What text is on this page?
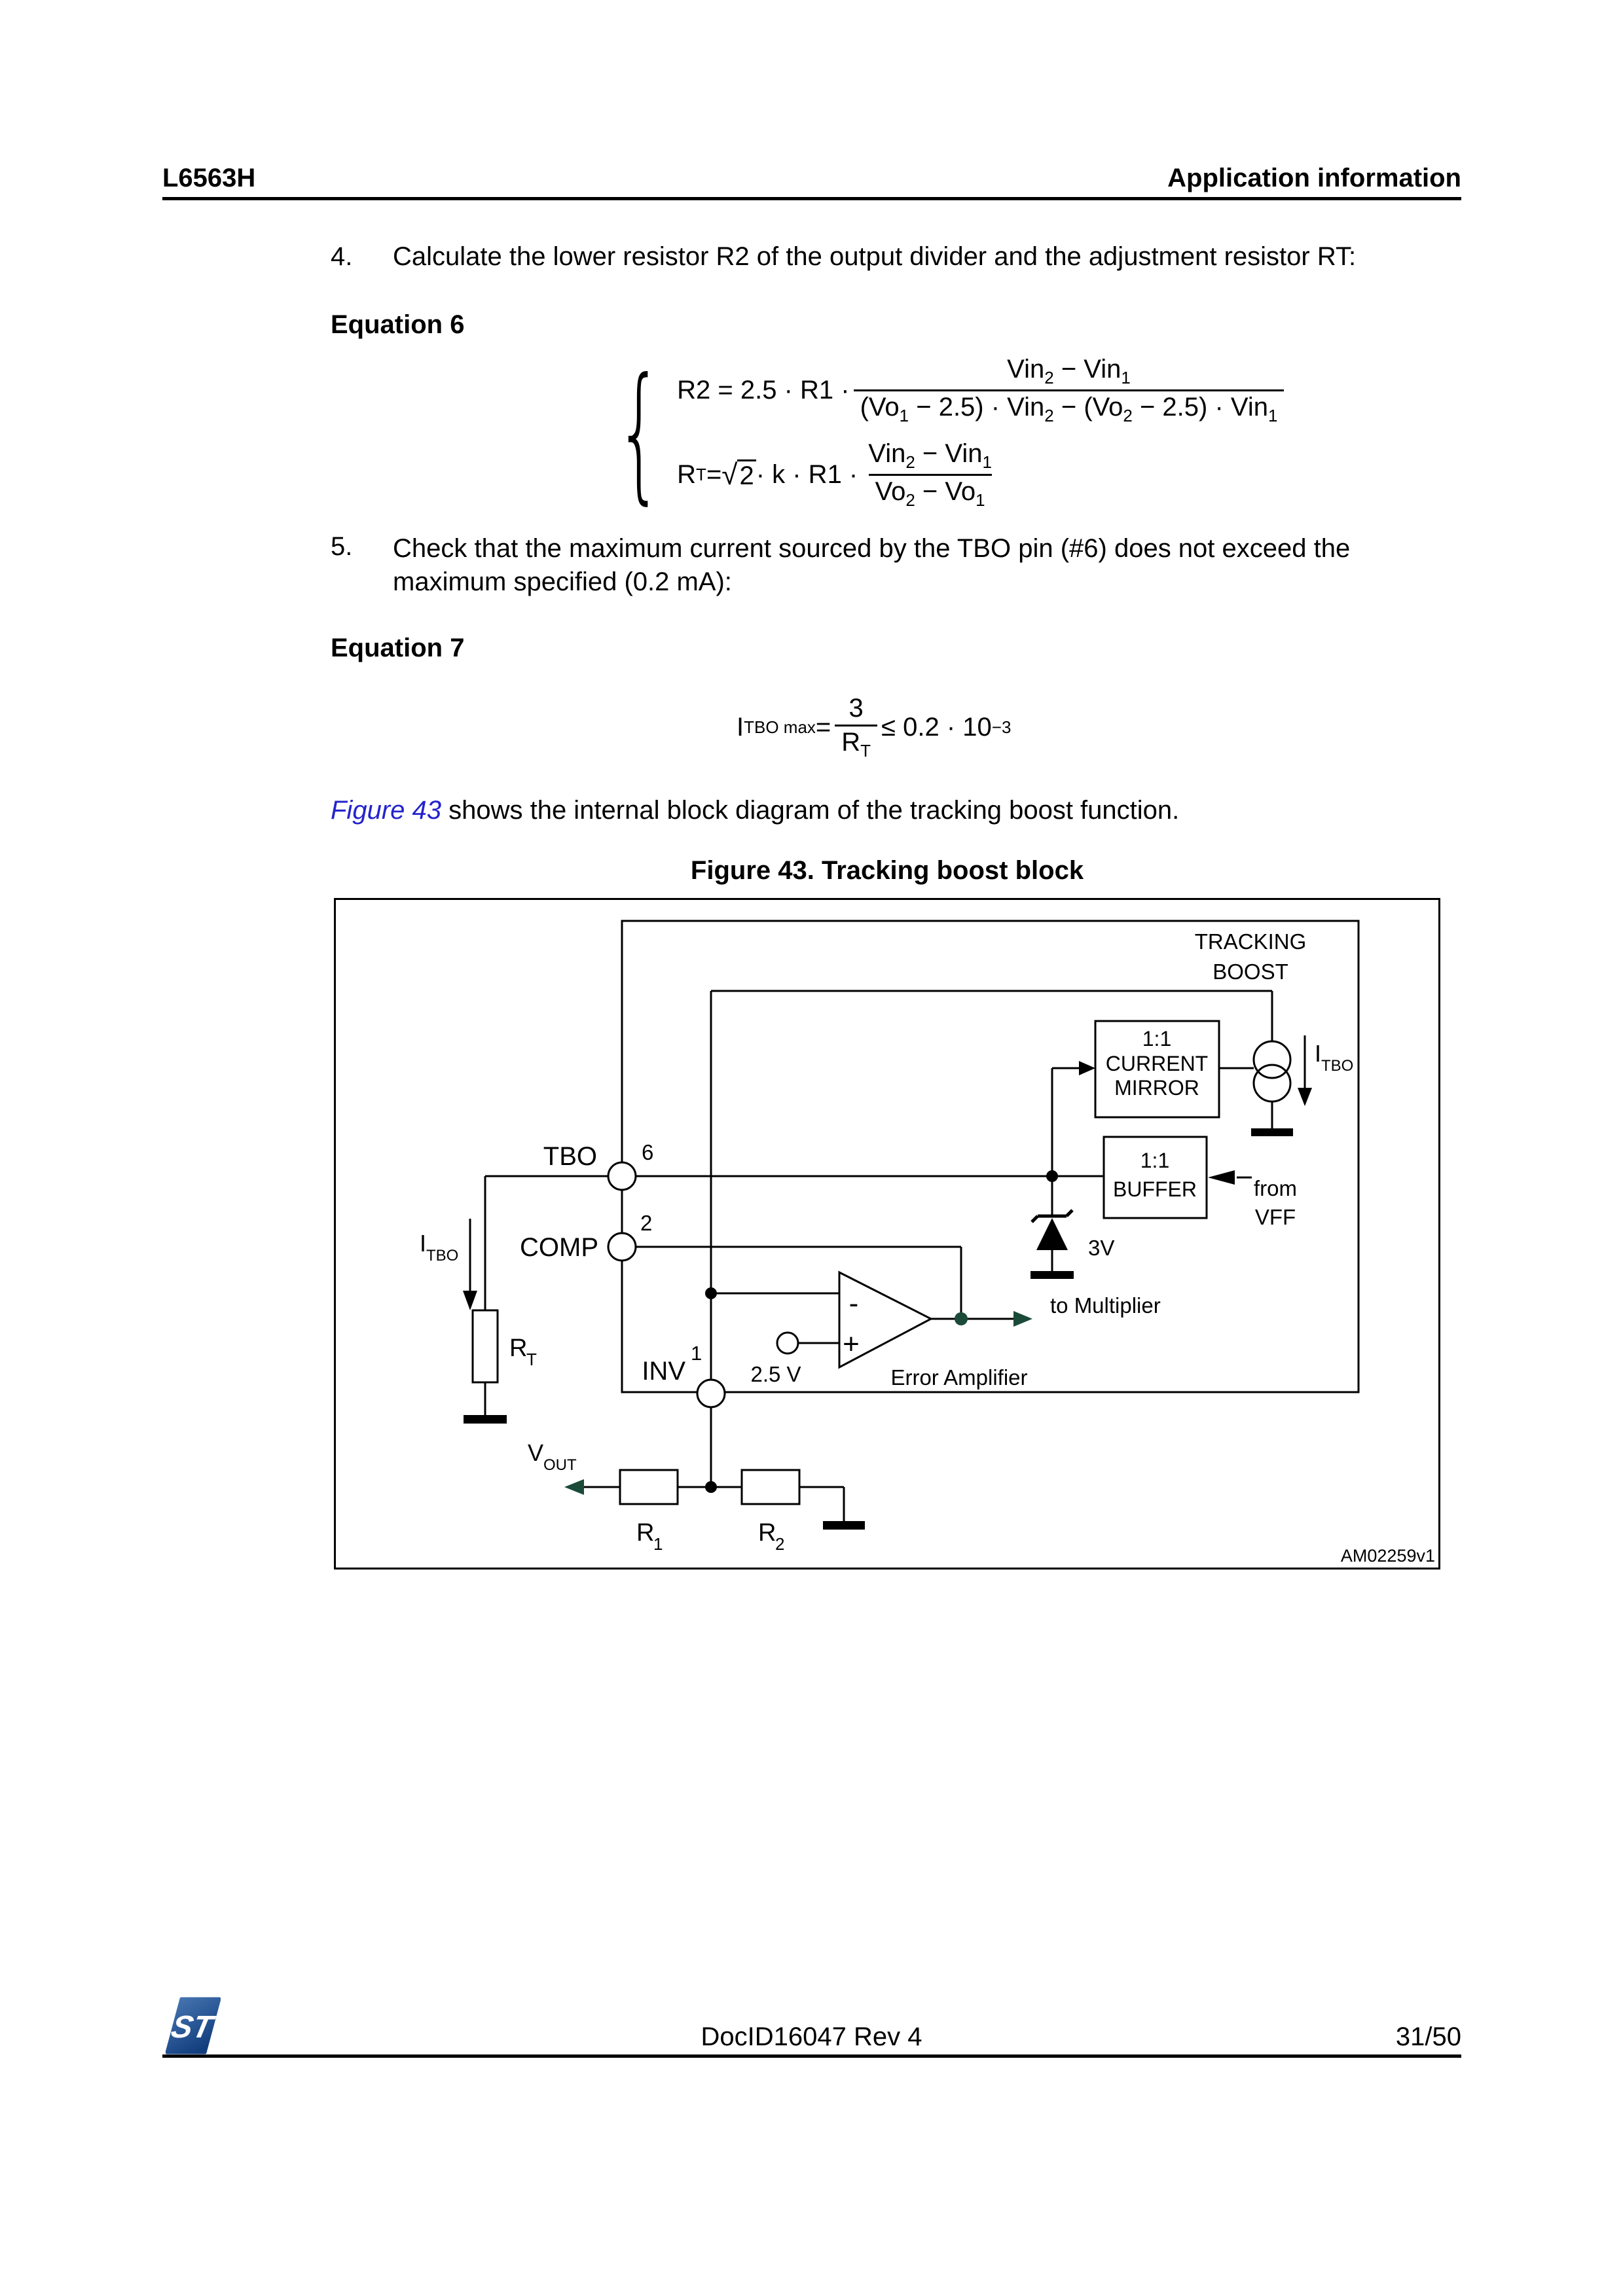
L6563H	Application information
4. Calculate the lower resistor R2 of the output divider and the adjustment resistor RT:
Equation 6
{ $R2 = 2.5 \cdot R1 \cdot \frac{Vin_2 - Vin_1}{(Vo_1 - 2.5) \cdot Vin_2 - (Vo_2 - 2.5) \cdot Vin_1}$
R T = √ $2 \cdot k \cdot R1 \cdot \frac{Vin_2 - Vin_1}{Vo_2 - Vo_1}$
5. Check that the maximum current sourced by the TBO pin (#6) does not exceed the
maximum specified (0.2 mA):
Equation 7
I TBO $\max = \frac{3}{R_T} \le 0.2 \cdot 10 -3$
Figure 43 shows the internal block diagram of the tracking boost function.
Figure 43. Tracking boost block
TRACKING
BOOST
1:1
CURRENT
MIRROR
1:1
BUFFER	from
VFF
I TBO
I TBO
TBO 6
COMP
2
INV
1
R
T
3V
2.5 V
to Multiplier
Error Amplifier
-
+
V OUT
R
1	R
2
AM02259v1
ST	DocID16047 Rev 4	31/50
